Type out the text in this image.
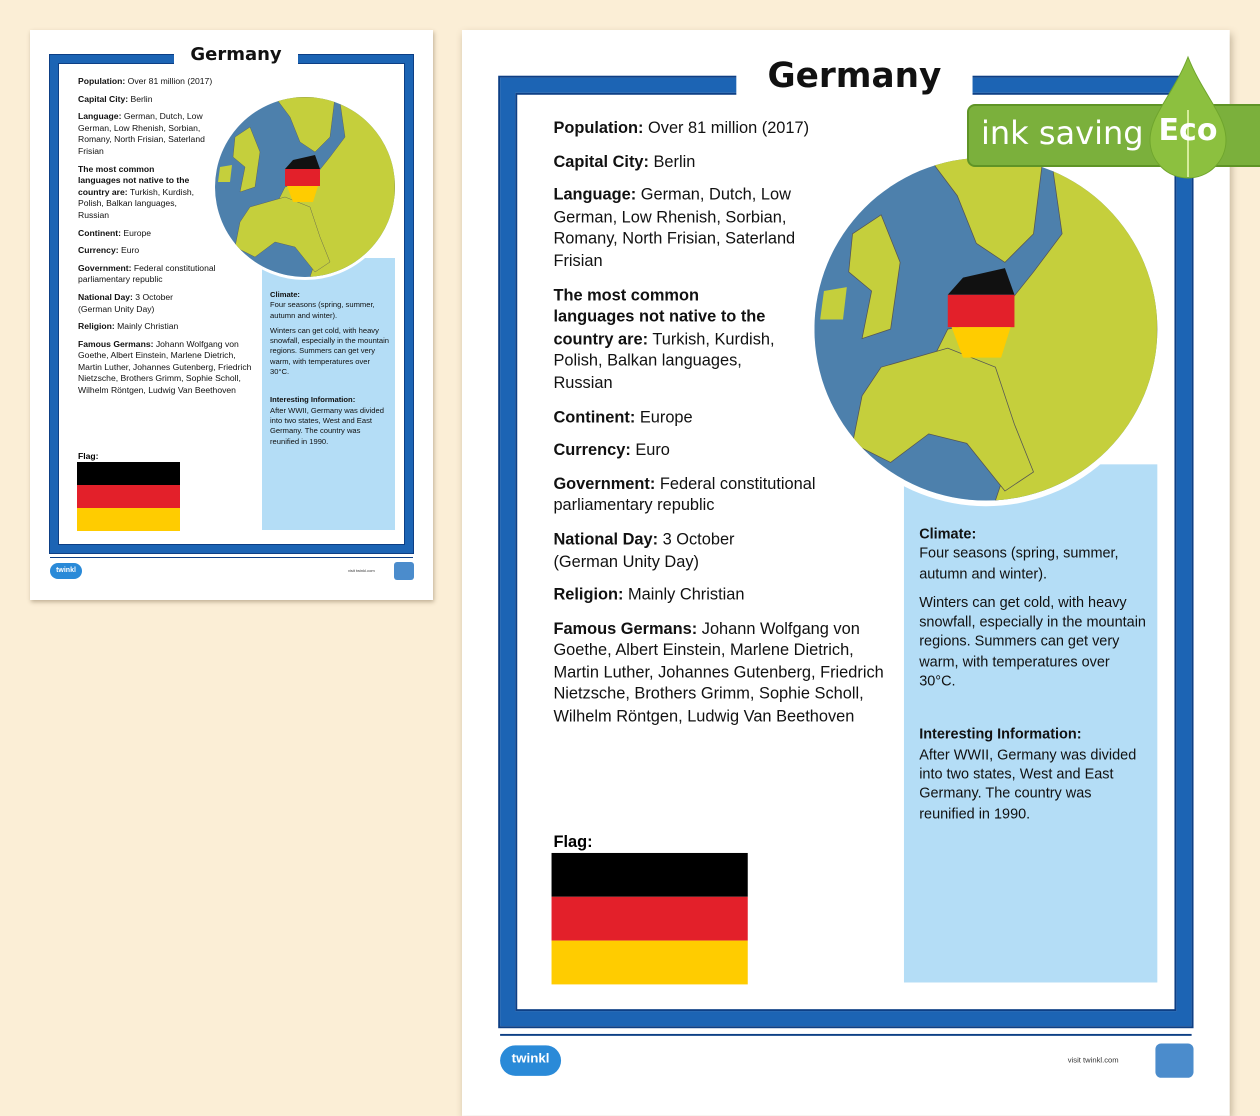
Germany

Population: Over 81 million (2017)

Capital City: Berlin

Language: German, Dutch, Low German, Low Rhenish, Sorbian, Romany, North Frisian, Saterland Frisian

The most common languages not native to the country are: Turkish, Kurdish, Polish, Balkan languages, Russian

Continent: Europe

Currency: Euro

Government: Federal constitutional parliamentary republic

National Day: 3 October (German Unity Day)

Religion: Mainly Christian

Famous Germans: Johann Wolfgang von Goethe, Albert Einstein, Marlene Dietrich, Martin Luther, Johannes Gutenberg, Friedrich Nietzsche, Brothers Grimm, Sophie Scholl, Wilhelm Röntgen, Ludwig Van Beethoven

Climate:
Four seasons (spring, summer, autumn and winter).

Winters can get cold, with heavy snowfall, especially in the mountain regions. Summers can get very warm, with temperatures over 30°C.

Interesting Information:
After WWII, Germany was divided into two states, West and East Germany. The country was reunified in 1990.

Flag:
twinkl	visit twinkl.com
Germany

Population: Over 81 million (2017)

Capital City: Berlin

Language: German, Dutch, Low German, Low Rhenish, Sorbian, Romany, North Frisian, Saterland Frisian

The most common languages not native to the country are: Turkish, Kurdish, Polish, Balkan languages, Russian

Continent: Europe

Currency: Euro

Government: Federal constitutional parliamentary republic

National Day: 3 October (German Unity Day)

Religion: Mainly Christian

Famous Germans: Johann Wolfgang von Goethe, Albert Einstein, Marlene Dietrich, Martin Luther, Johannes Gutenberg, Friedrich Nietzsche, Brothers Grimm, Sophie Scholl, Wilhelm Röntgen, Ludwig Van Beethoven

Climate:
Four seasons (spring, summer, autumn and winter).

Winters can get cold, with heavy snowfall, especially in the mountain regions. Summers can get very warm, with temperatures over 30°C.

Interesting Information:
After WWII, Germany was divided into two states, West and East Germany. The country was reunified in 1990.

Flag:
twinkl	visit twinkl.com
ink saving Eco
